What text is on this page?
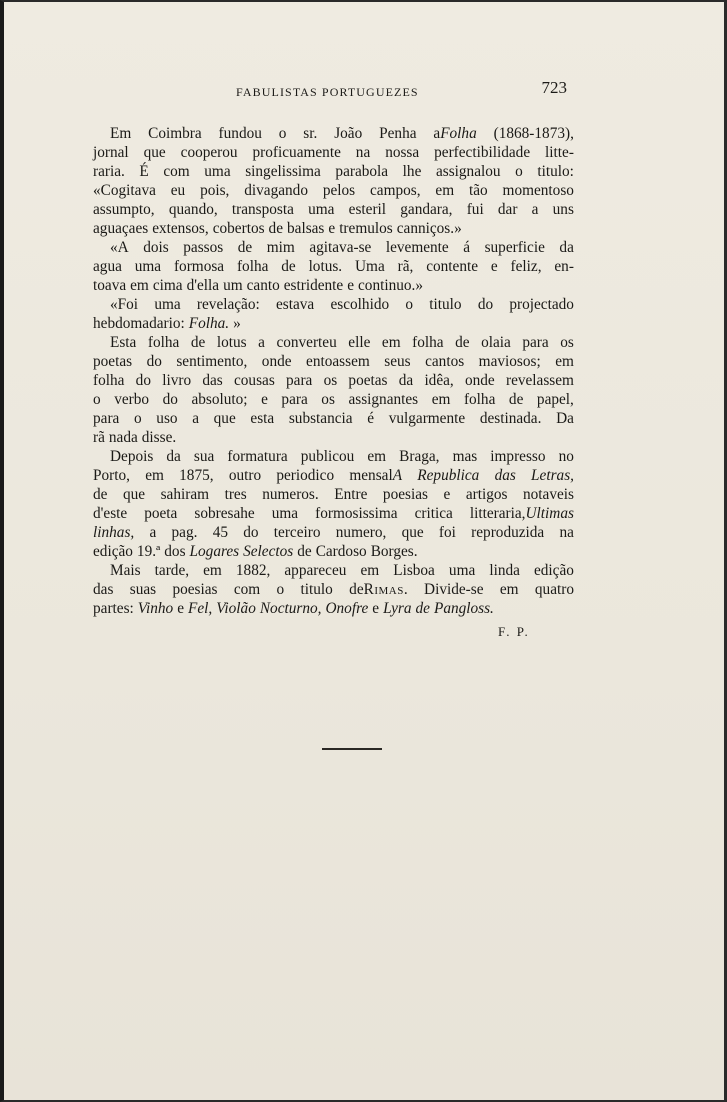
FABULISTAS PORTUGUEZES	723
Em Coimbra fundou o sr. João Penha aFolha (1868-1873),
jornal que cooperou proficuamente na nossa perfectibilidade litte-
raria. É com uma singelissima parabola lhe assignalou o titulo:
«Cogitava eu pois, divagando pelos campos, em tão momentoso
assumpto, quando, transposta uma esteril gandara, fui dar a uns
aguaçaes extensos, cobertos de balsas e tremulos canniços.»
«A dois passos de mim agitava-se levemente á superficie da
agua uma formosa folha de lotus. Uma rã, contente e feliz, en-
toava em cima d'ella um canto estridente e continuo.»
«Foi uma revelação: estava escolhido o titulo do projectado
hebdomadario: Folha. »
Esta folha de lotus a converteu elle em folha de olaia para os
poetas do sentimento, onde entoassem seus cantos maviosos; em
folha do livro das cousas para os poetas da idêa, onde revelassem
o verbo do absoluto; e para os assignantes em folha de papel,
para o uso a que esta substancia é vulgarmente destinada. Da
rã nada disse.
Depois da sua formatura publicou em Braga, mas impresso no
Porto, em 1875, outro periodico mensalA Republica das Letras,
de que sahiram tres numeros. Entre poesias e artigos notaveis
d'este poeta sobresahe uma formosissima critica litteraria,Ultimas
linhas, a pag. 45 do terceiro numero, que foi reproduzida na
edição 19.ª dos Logares Selectos de Cardoso Borges.
Mais tarde, em 1882, appareceu em Lisboa uma linda edição
das suas poesias com o titulo deRimas. Divide-se em quatro
partes: Vinho e Fel, Violão Nocturno, Onofre e Lyra de Pangloss.
F. P.
